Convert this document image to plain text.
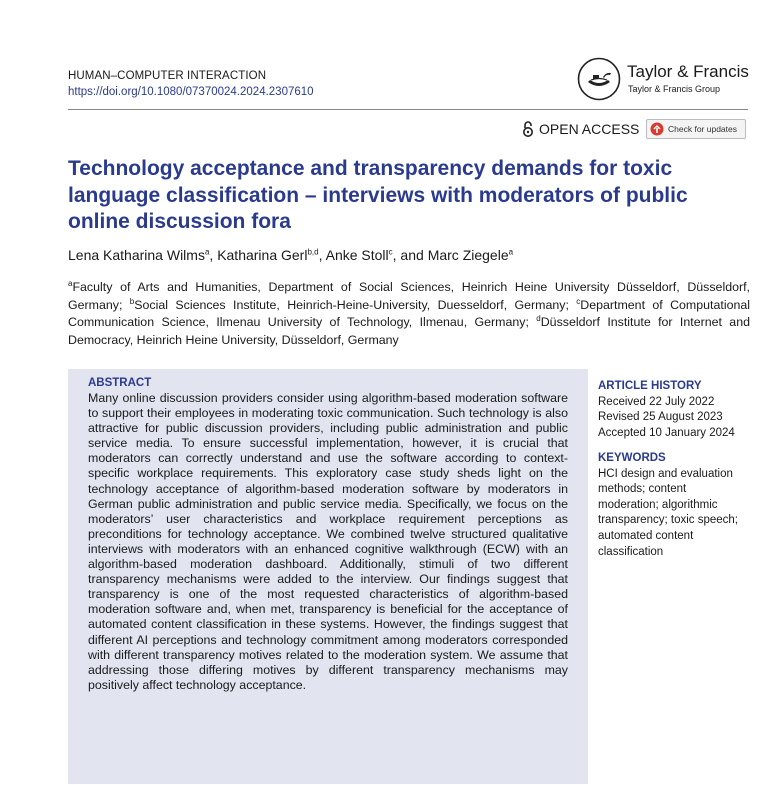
HUMAN–COMPUTER INTERACTION
https://doi.org/10.1080/07370024.2024.2307610
Taylor & Francis
Taylor & Francis Group
OPEN ACCESS	Check for updates
Technology acceptance and transparency demands for toxic language classification – interviews with moderators of public online discussion fora
Lena Katharina Wilms$^a$, Katharina Gerl$^{b,d}$, Anke Stoll$^c$, and Marc Ziegele$^a$
$^a$Faculty of Arts and Humanities, Department of Social Sciences, Heinrich Heine University Düsseldorf, Düsseldorf, Germany; $^b$Social Sciences Institute, Heinrich-Heine-University, Duesseldorf, Germany; $^c$Department of Computational Communication Science, Ilmenau University of Technology, Ilmenau, Germany; $^d$Düsseldorf Institute for Internet and Democracy, Heinrich Heine University, Düsseldorf, Germany
ABSTRACT
Many online discussion providers consider using algorithm-based moderation software to support their employees in moderating toxic communication. Such technology is also attractive for public discussion providers, including public administration and public service media. To ensure successful implementation, however, it is crucial that moderators can correctly understand and use the software according to context-specific workplace requirements. This exploratory case study sheds light on the technology acceptance of algorithm-based moderation software by moderators in German public administration and public service media. Specifically, we focus on the moderators’ user characteristics and workplace requirement perceptions as preconditions for technology acceptance. We combined twelve structured qualitative interviews with moderators with an enhanced cognitive walkthrough (ECW) with an algorithm-based moderation dashboard. Additionally, stimuli of two different transparency mechanisms were added to the interview. Our findings suggest that transparency is one of the most requested characteristics of algorithm-based moderation software and, when met, transparency is beneficial for the acceptance of automated content classification in these systems. However, the findings suggest that different AI perceptions and technology commitment among moderators corresponded with different transparency motives related to the moderation system. We assume that addressing those differing motives by different transparency mechanisms may positively affect technology acceptance.
ARTICLE HISTORY
Received 22 July 2022
Revised 25 August 2023
Accepted 10 January 2024
KEYWORDS
HCI design and evaluation methods; content moderation; algorithmic transparency; toxic speech; automated content classification
